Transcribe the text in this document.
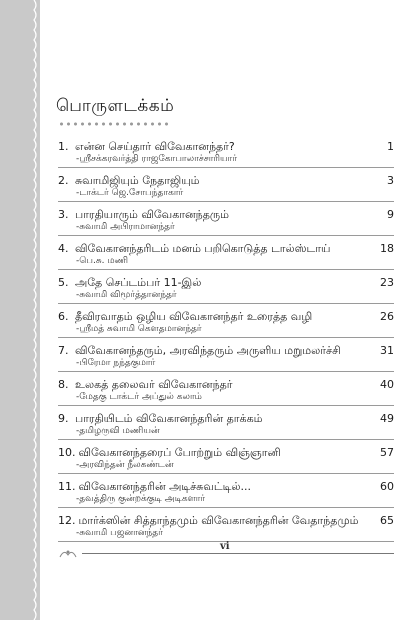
பொருளடக்கம்
1. என்ன செய்தார் விவேகானந்தர்?	1
-ஸ்ரீசக்கரவர்த்தி ராஜகோபாலாச்சாரியார்
2. சுவாமிஜியும் நேதாஜியும்	3
-டாக்டர் ஜெ.சோபந்தாகார்
3. பாரதியாரும் விவேகானந்தரும்	9
-சுவாமி அபிராமானந்தர்
4. விவேகானந்தரிடம் மனம் பறிகொடுத்த டால்ஸ்டாய்	18
-பெ.சு. மணி
5. அதே செப்டம்பர் 11-இல்	23
-சுவாமி விமூர்த்தானந்தர்
6. தீவிரவாதம் ஒழிய விவேகானந்தர் உரைத்த வழி	26
-ஸ்ரீமத் சுவாமி கௌதமானந்தர்
7. விவேகானந்தரும், அரவிந்தரும் அருளிய மறுமலர்ச்சி	31
-பிரேமா நந்தகுமார்
8. உலகத் தலைவர் விவேகானந்தர்	40
-மேதகு டாக்டர் அப்துல் கலாம்
9. பாரதியிடம் விவேகானந்தரின் தாக்கம்	49
-தமிழருவி மணியன்
10. விவேகானந்தரைப் போற்றும் விஞ்ஞானி	57
-அரவிந்தன் நீலகண்டன்
11. விவேகானந்தரின் அடிச்சுவட்டில்...	60
-தவத்திரு குன்றக்குடி அடிகளார்
12. மார்க்ஸின் சித்தாந்தமும் விவேகானந்தரின் வேதாந்தமும்	65
-சுவாமி பஜனானந்தர்
vi
